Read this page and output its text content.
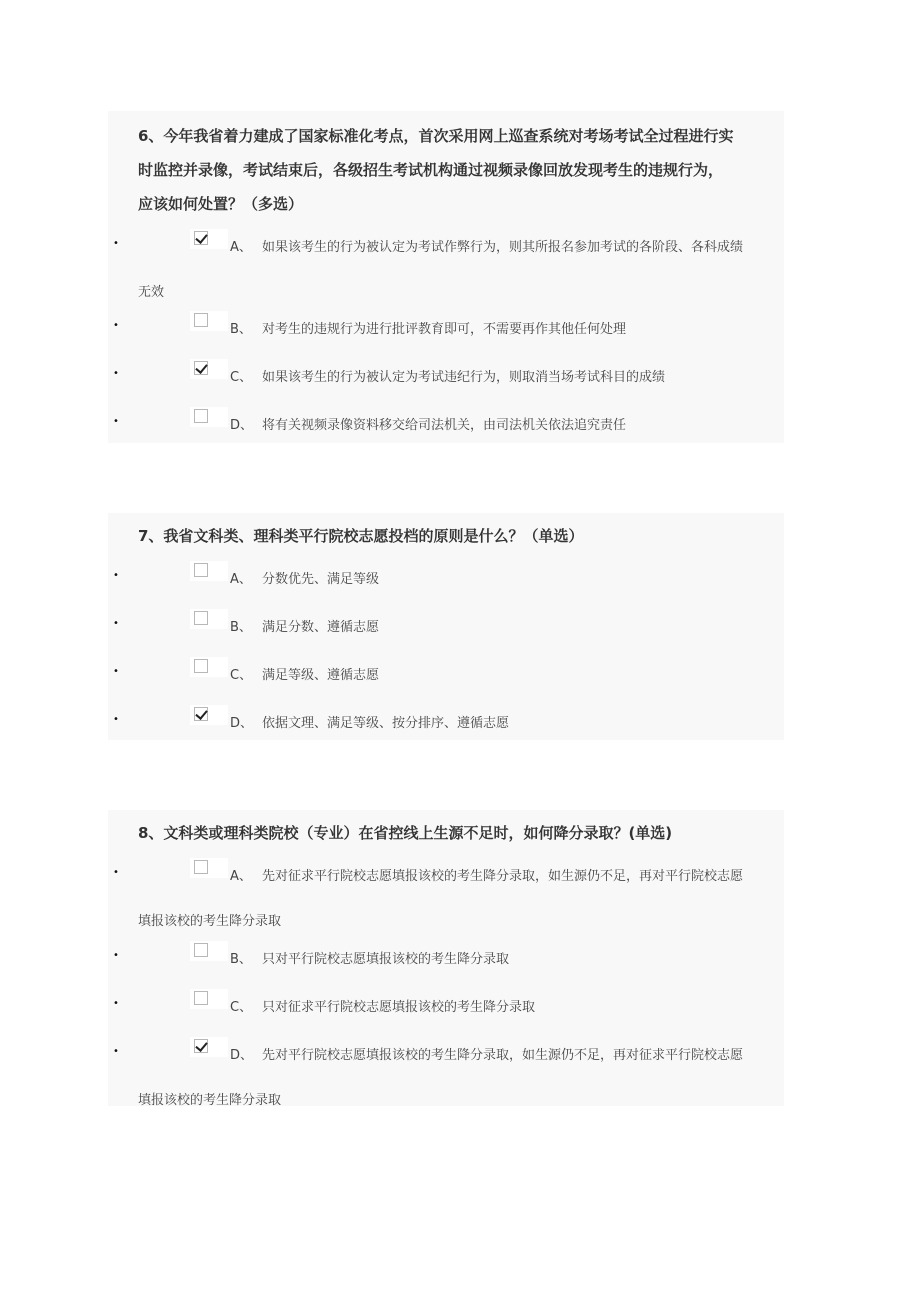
6、今年我省着力建成了国家标准化考点，首次采用网上巡查系统对考场考试全过程进行实
时监控并录像，考试结束后，各级招生考试机构通过视频录像回放发现考生的违规行为，
应该如何处置？（多选）
•	A、 如果该考生的行为被认定为考试作弊行为，则其所报名参加考试的各阶段、各科成绩
无效
•	B、 对考生的违规行为进行批评教育即可，不需要再作其他任何处理
•	C、 如果该考生的行为被认定为考试违纪行为，则取消当场考试科目的成绩
•	D、 将有关视频录像资料移交给司法机关，由司法机关依法追究责任
7、我省文科类、理科类平行院校志愿投档的原则是什么？（单选）
•	A、 分数优先、满足等级
•	B、 满足分数、遵循志愿
•	C、 满足等级、遵循志愿
•	D、 依据文理、满足等级、按分排序、遵循志愿
8、文科类或理科类院校（专业）在省控线上生源不足时，如何降分录取？(单选)
•	A、 先对征求平行院校志愿填报该校的考生降分录取，如生源仍不足，再对平行院校志愿
填报该校的考生降分录取
•	B、 只对平行院校志愿填报该校的考生降分录取
•	C、 只对征求平行院校志愿填报该校的考生降分录取
•	D、 先对平行院校志愿填报该校的考生降分录取，如生源仍不足，再对征求平行院校志愿
填报该校的考生降分录取
